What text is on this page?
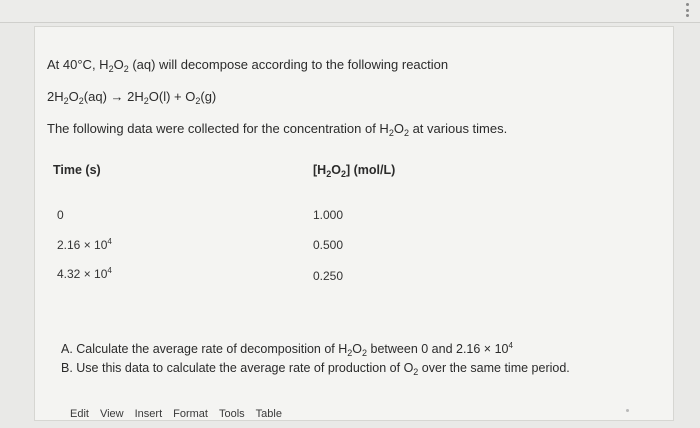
At 40°C, $H_2O_2$ (aq) will decompose according to the following reaction
$2H_2O_2(aq) \to 2H_2O(l) + O_2(g)$
The following data were collected for the concentration of $H_2O_2$ at various times.
Time (s)	$[H_2O_2]$ (mol/L)
0	1.000
$2.16 \times 10^4$	0.500
$4.32 \times 10^4$	0.250
A. Calculate the average rate of decomposition of $H_2O_2$ between 0 and $2.16 \times 10^4$
B. Use this data to calculate the average rate of production of $O_2$ over the same time period.
Edit View Insert Format Tools Table
